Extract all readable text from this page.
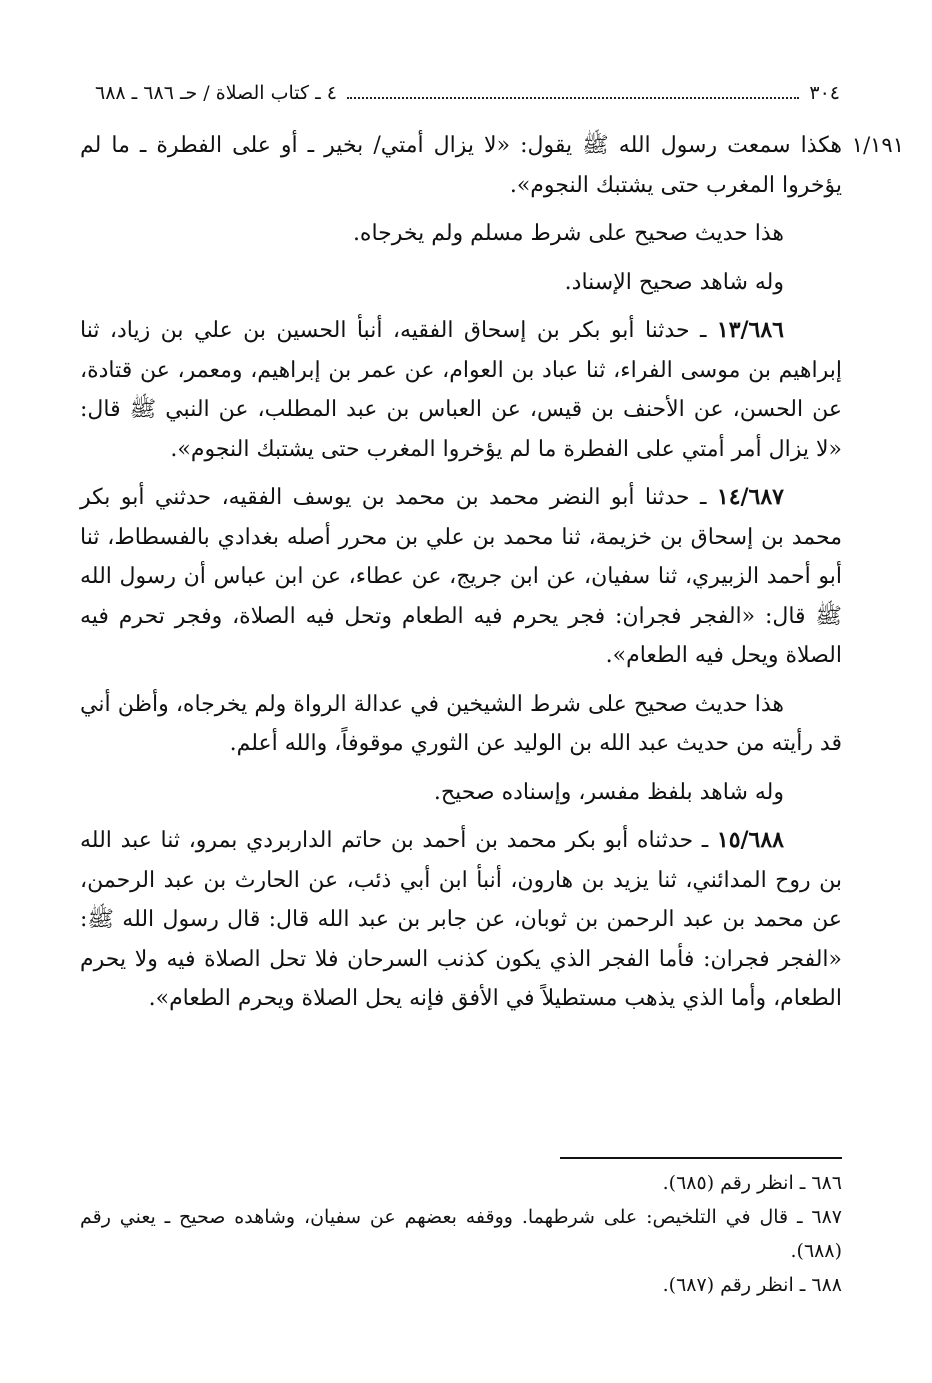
٣٠٤
٤ ـ كتاب الصلاة / حـ ٦٨٦ ـ ٦٨٨

١/١٩١
هكذا سمعت رسول الله ﷺ يقول: «لا يزال أمتي/ بخير ـ أو على الفطرة ـ ما لم يؤخروا المغرب حتى يشتبك النجوم».

هذا حديث صحيح على شرط مسلم ولم يخرجاه.

وله شاهد صحيح الإسناد.

١٣/٦٨٦ ـ حدثنا أبو بكر بن إسحاق الفقيه، أنبأ الحسين بن علي بن زياد، ثنا إبراهيم بن موسى الفراء، ثنا عباد بن العوام، عن عمر بن إبراهيم، ومعمر، عن قتادة، عن الحسن، عن الأحنف بن قيس، عن العباس بن عبد المطلب، عن النبي ﷺ قال: «لا يزال أمر أمتي على الفطرة ما لم يؤخروا المغرب حتى يشتبك النجوم».

١٤/٦٨٧ ـ حدثنا أبو النضر محمد بن محمد بن يوسف الفقيه، حدثني أبو بكر محمد بن إسحاق بن خزيمة، ثنا محمد بن علي بن محرر أصله بغدادي بالفسطاط، ثنا أبو أحمد الزبيري، ثنا سفيان، عن ابن جريج، عن عطاء، عن ابن عباس أن رسول الله ﷺ قال: «الفجر فجران: فجر يحرم فيه الطعام وتحل فيه الصلاة، وفجر تحرم فيه الصلاة ويحل فيه الطعام».

هذا حديث صحيح على شرط الشيخين في عدالة الرواة ولم يخرجاه، وأظن أني قد رأيته من حديث عبد الله بن الوليد عن الثوري موقوفاً، والله أعلم.

وله شاهد بلفظ مفسر، وإسناده صحيح.

١٥/٦٨٨ ـ حدثناه أبو بكر محمد بن أحمد بن حاتم الداربردي بمرو، ثنا عبد الله بن روح المدائني، ثنا يزيد بن هارون، أنبأ ابن أبي ذئب، عن الحارث بن عبد الرحمن، عن محمد بن عبد الرحمن بن ثوبان، عن جابر بن عبد الله قال: قال رسول الله ﷺ: «الفجر فجران: فأما الفجر الذي يكون كذنب السرحان فلا تحل الصلاة فيه ولا يحرم الطعام، وأما الذي يذهب مستطيلاً في الأفق فإنه يحل الصلاة ويحرم الطعام».

٦٨٦ ـ انظر رقم (٦٨٥).

٦٨٧ ـ قال في التلخيص: على شرطهما. ووقفه بعضهم عن سفيان، وشاهده صحيح ـ يعني رقم (٦٨٨).

٦٨٨ ـ انظر رقم (٦٨٧).
